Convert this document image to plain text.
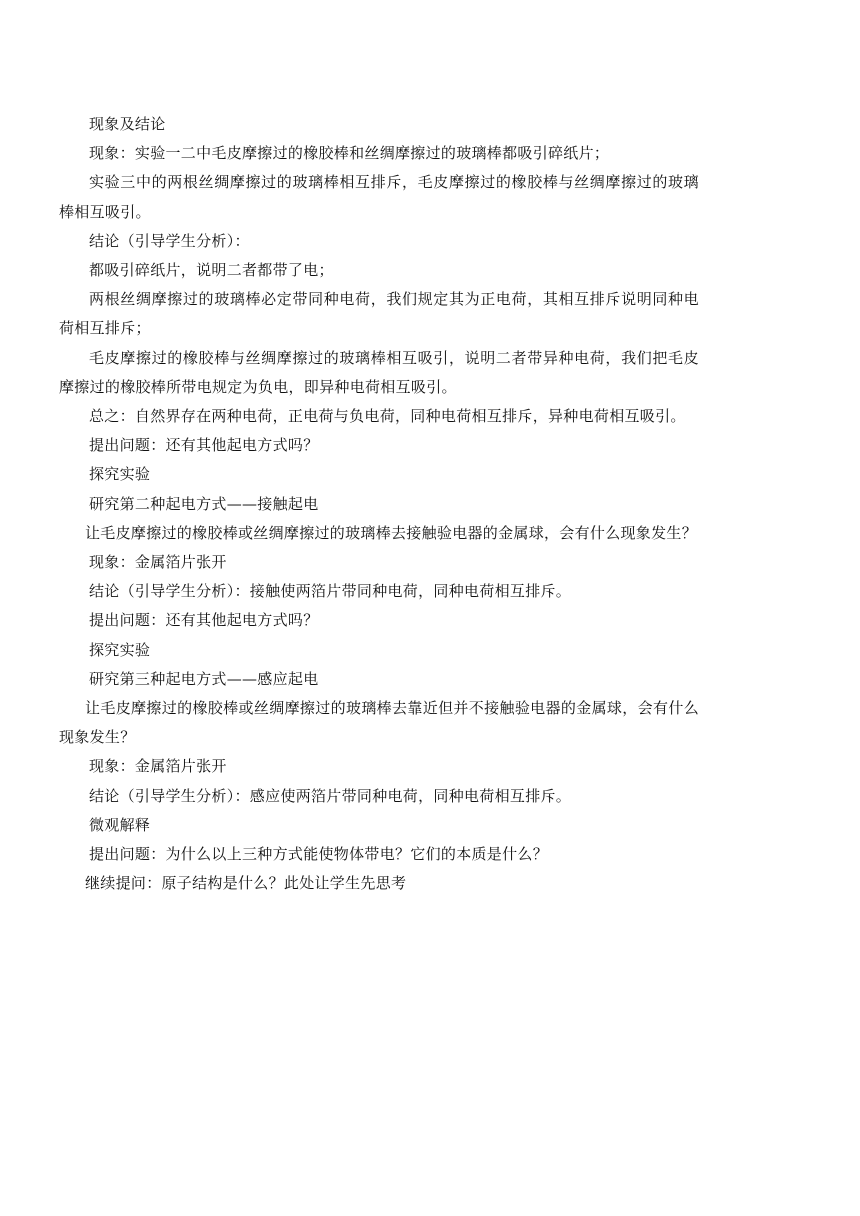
现象及结论

现象：实验一二中毛皮摩擦过的橡胶棒和丝绸摩擦过的玻璃棒都吸引碎纸片；

实验三中的两根丝绸摩擦过的玻璃棒相互排斥，毛皮摩擦过的橡胶棒与丝绸摩擦过的玻璃棒相互吸引。

结论（引导学生分析）：

都吸引碎纸片，说明二者都带了电；

两根丝绸摩擦过的玻璃棒必定带同种电荷，我们规定其为正电荷，其相互排斥说明同种电荷相互排斥；

毛皮摩擦过的橡胶棒与丝绸摩擦过的玻璃棒相互吸引，说明二者带异种电荷，我们把毛皮摩擦过的橡胶棒所带电规定为负电，即异种电荷相互吸引。

总之：自然界存在两种电荷，正电荷与负电荷，同种电荷相互排斥，异种电荷相互吸引。

提出问题：还有其他起电方式吗？

探究实验

研究第二种起电方式——接触起电

让毛皮摩擦过的橡胶棒或丝绸摩擦过的玻璃棒去接触验电器的金属球，会有什么现象发生？

现象：金属箔片张开

结论（引导学生分析）：接触使两箔片带同种电荷，同种电荷相互排斥。

提出问题：还有其他起电方式吗？

探究实验

研究第三种起电方式——感应起电

让毛皮摩擦过的橡胶棒或丝绸摩擦过的玻璃棒去靠近但并不接触验电器的金属球，会有什么现象发生？

现象：金属箔片张开

结论（引导学生分析）：感应使两箔片带同种电荷，同种电荷相互排斥。

微观解释

提出问题：为什么以上三种方式能使物体带电？它们的本质是什么？

继续提问：原子结构是什么？此处让学生先思考
